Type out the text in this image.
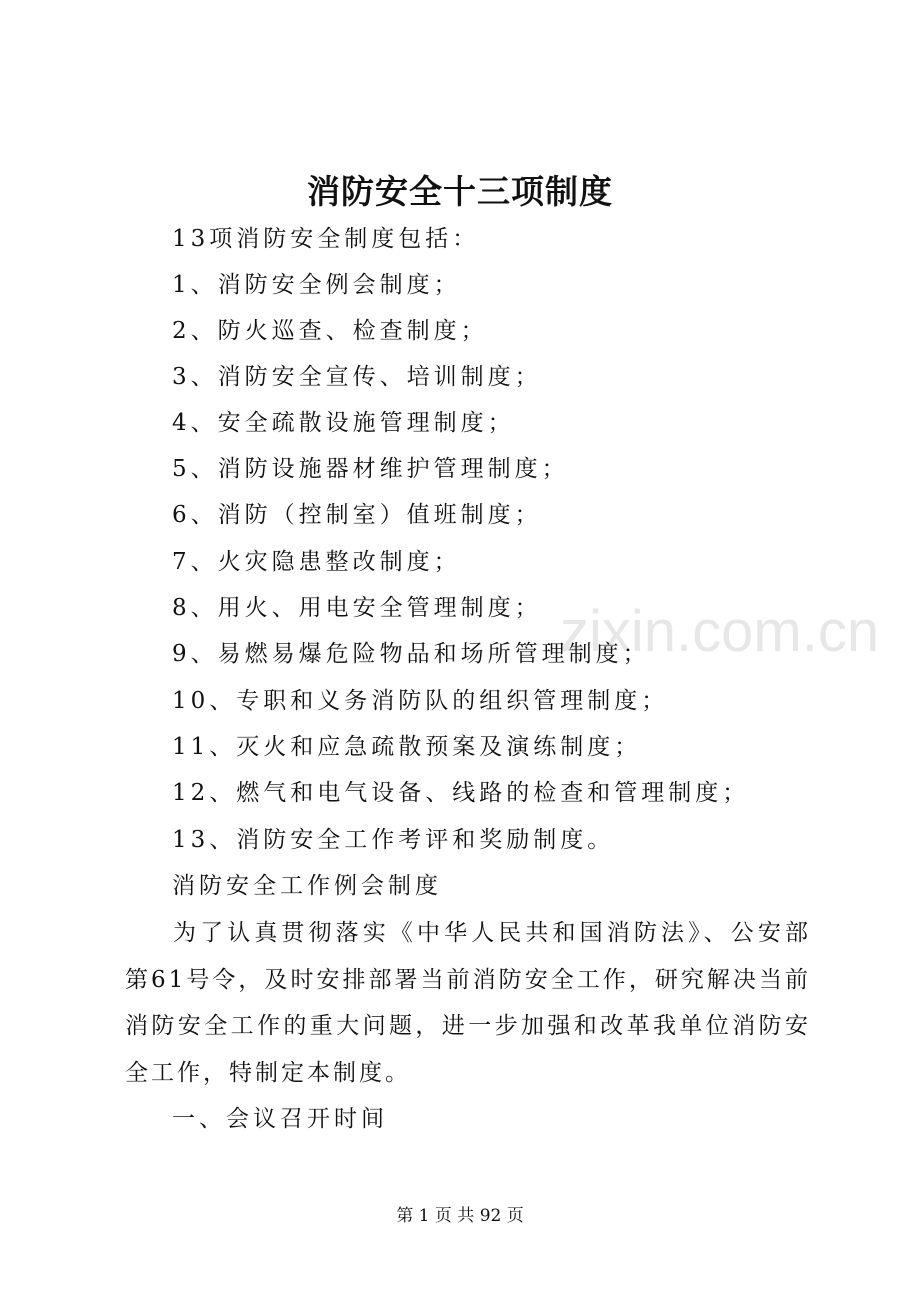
zixin.com.cn
消防安全十三项制度
13项消防安全制度包括：
1、消防安全例会制度；
2、防火巡查、检查制度；
3、消防安全宣传、培训制度；
4、安全疏散设施管理制度；
5、消防设施器材维护管理制度；
6、消防（控制室）值班制度；
7、火灾隐患整改制度；
8、用火、用电安全管理制度；
9、易燃易爆危险物品和场所管理制度；
10、专职和义务消防队的组织管理制度；
11、灭火和应急疏散预案及演练制度；
12、燃气和电气设备、线路的检查和管理制度；
13、消防安全工作考评和奖励制度。
消防安全工作例会制度
为了认真贯彻落实《中华人民共和国消防法》、公安部第61号令，及时安排部署当前消防安全工作，研究解决当前消防安全工作的重大问题，进一步加强和改革我单位消防安全工作，特制定本制度。
一、会议召开时间
第 1 页 共 92 页
